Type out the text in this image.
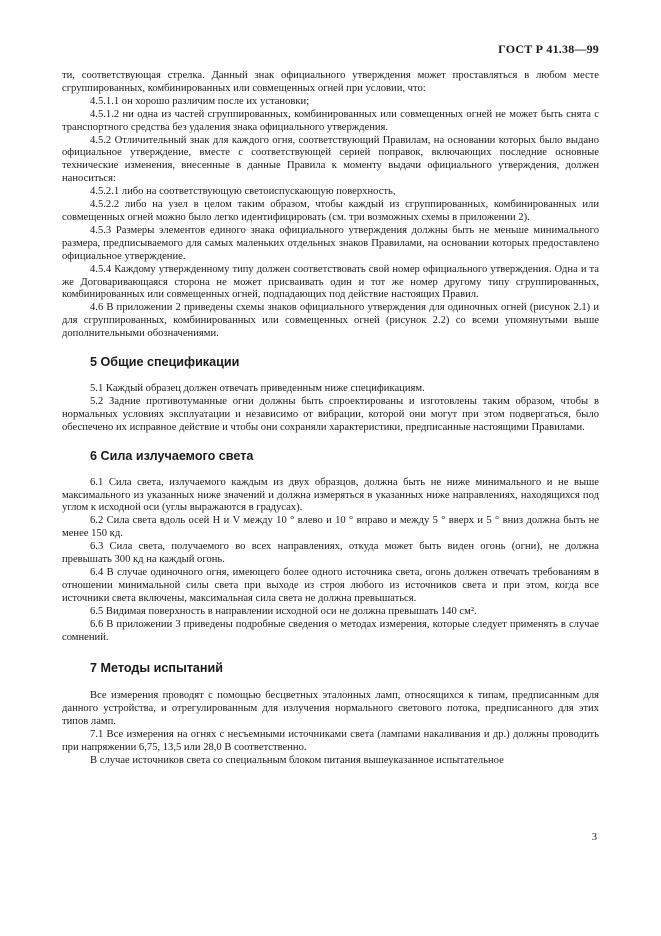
ГОСТ Р 41.38—99

ти, соответствующая стрелка. Данный знак официального утверждения может проставляться в любом месте сгруппированных, комбинированных или совмещенных огней при условии, что:

4.5.1.1 он хорошо различим после их установки;

4.5.1.2 ни одна из частей сгруппированных, комбинированных или совмещенных огней не может быть снята с транспортного средства без удаления знака официального утверждения.

4.5.2 Отличительный знак для каждого огня, соответствующий Правилам, на основании которых было выдано официальное утверждение, вместе с соответствующей серией поправок, включающих последние основные технические изменения, внесенные в данные Правила к моменту выдачи официального утверждения, должен наноситься:

4.5.2.1 либо на соответствующую светоиспускающую поверхность,

4.5.2.2 либо на узел в целом таким образом, чтобы каждый из сгруппированных, комбинированных или совмещенных огней можно было легко идентифицировать (см. три возможных схемы в приложении 2).

4.5.3 Размеры элементов единого знака официального утверждения должны быть не меньше минимального размера, предписываемого для самых маленьких отдельных знаков Правилами, на основании которых предоставлено официальное утверждение.

4.5.4 Каждому утвержденному типу должен соответствовать свой номер официального утверждения. Одна и та же Договаривающаяся сторона не может присваивать один и тот же номер другому типу сгруппированных, комбинированных или совмещенных огней, подпадающих под действие настоящих Правил.

4.6 В приложении 2 приведены схемы знаков официального утверждения для одиночных огней (рисунок 2.1) и для сгруппированных, комбинированных или совмещенных огней (рисунок 2.2) со всеми упомянутыми выше дополнительными обозначениями.

5 Общие спецификации

5.1 Каждый образец должен отвечать приведенным ниже спецификациям.

5.2 Задние противотуманные огни должны быть спроектированы и изготовлены таким образом, чтобы в нормальных условиях эксплуатации и независимо от вибрации, которой они могут при этом подвергаться, было обеспечено их исправное действие и чтобы они сохраняли характеристики, предписанные настоящими Правилами.

6 Сила излучаемого света

6.1 Сила света, излучаемого каждым из двух образцов, должна быть не ниже минимального и не выше максимального из указанных ниже значений и должна измеряться в указанных ниже направлениях, находящихся под углом к исходной оси (углы выражаются в градусах).

6.2 Сила света вдоль осей H и V между 10 ° влево и 10 ° вправо и между 5 ° вверх и 5 ° вниз должна быть не менее 150 кд.

6.3 Сила света, получаемого во всех направлениях, откуда может быть виден огонь (огни), не должна превышать 300 кд на каждый огонь.

6.4 В случае одиночного огня, имеющего более одного источника света, огонь должен отвечать требованиям в отношении минимальной силы света при выходе из строя любого из источников света и при этом, когда все источники света включены, максимальная сила света не должна превышаться.

6.5 Видимая поверхность в направлении исходной оси не должна превышать 140 см².

6.6 В приложении 3 приведены подробные сведения о методах измерения, которые следует применять в случае сомнений.

7 Методы испытаний

Все измерения проводят с помощью бесцветных эталонных ламп, относящихся к типам, предписанным для данного устройства, и отрегулированным для излучения нормального светового потока, предписанного для этих типов ламп.

7.1 Все измерения на огнях с несъемными источниками света (лампами накаливания и др.) должны проводить при напряжении 6,75, 13,5 или 28,0 В соответственно.

В случае источников света со специальным блоком питания вышеуказанное испытательное

3
